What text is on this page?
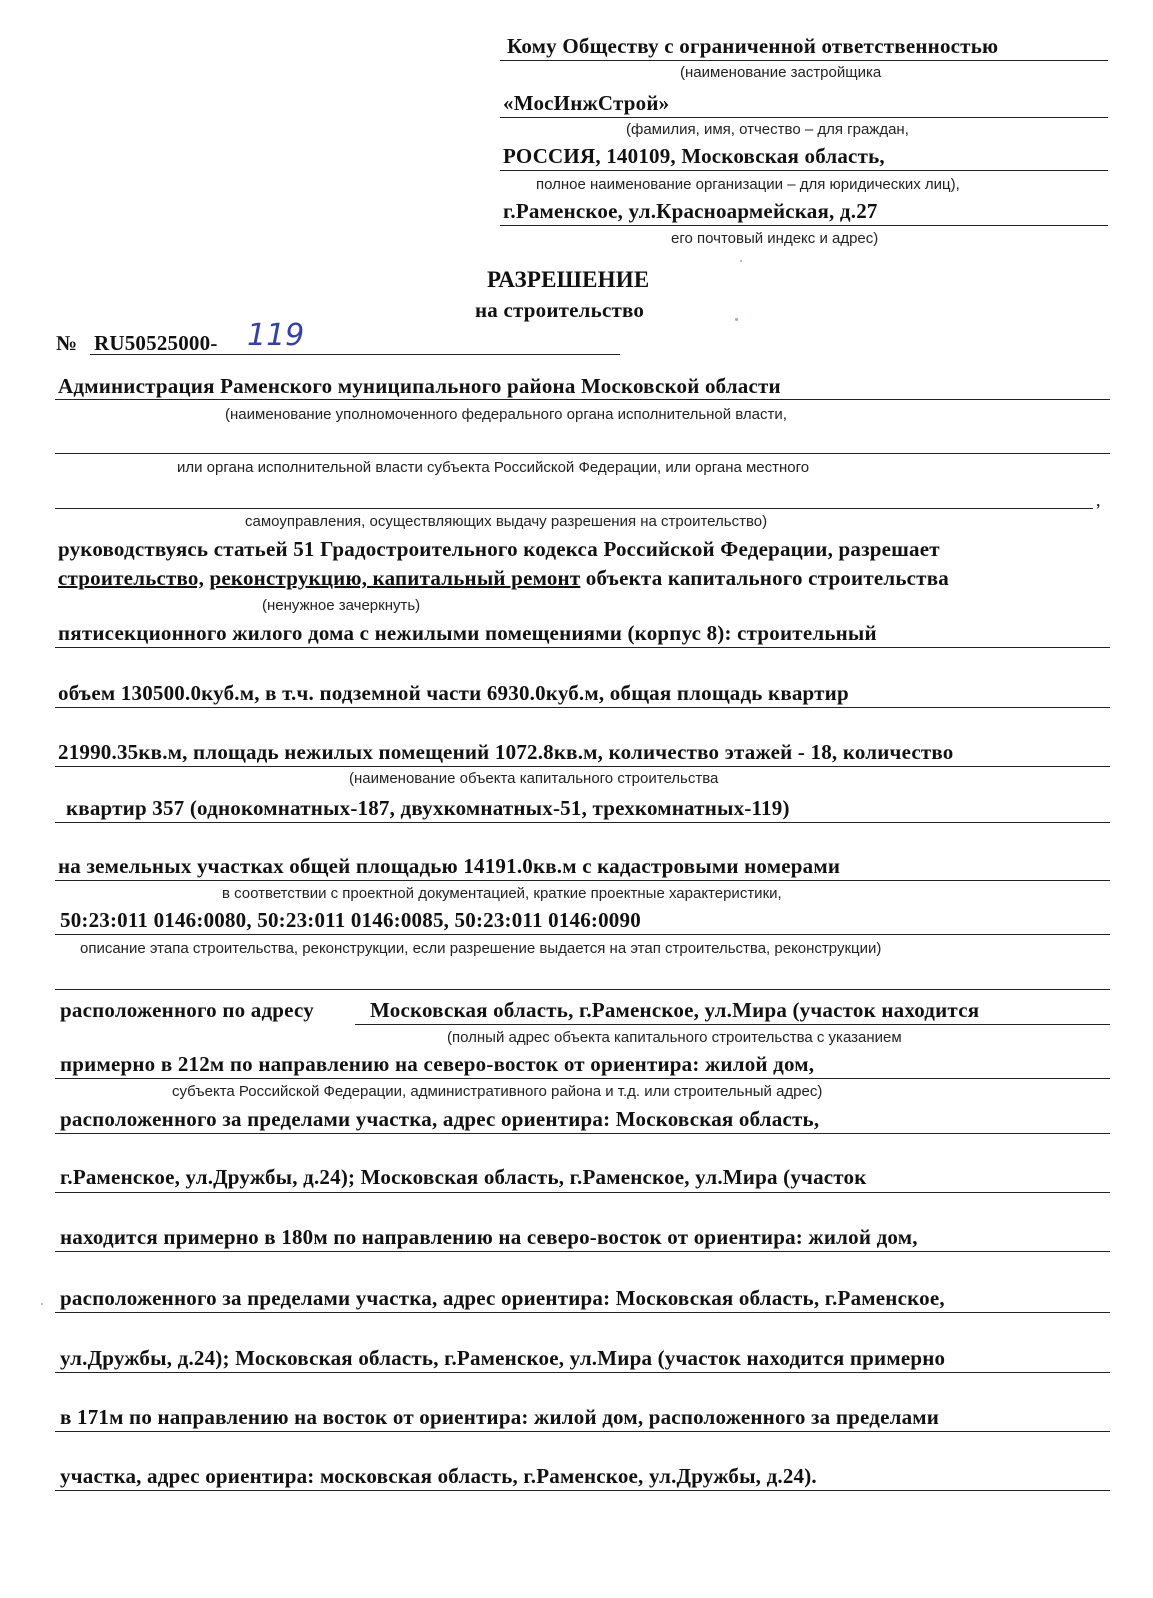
Кому Обществу с ограниченной ответственностью
(наименование застройщика
«МосИнжСтрой»
(фамилия, имя, отчество – для граждан,
РОССИЯ, 140109, Московская область,
полное наименование организации – для юридических лиц),
г.Раменское, ул.Красноармейская, д.27
его почтовый индекс и адрес)
РАЗРЕШЕНИЕ
на строительство
№ RU50525000- 119
Администрация Раменского муниципального района Московской области
(наименование уполномоченного федерального органа исполнительной власти,
или органа исполнительной власти субъекта Российской Федерации, или органа местного
,
самоуправления, осуществляющих выдачу разрешения на строительство)
руководствуясь статьей 51 Градостроительного кодекса Российской Федерации, разрешает
строительство, реконструкцию, капитальный ремонт объекта капитального строительства
(ненужное зачеркнуть)
пятисекционного жилого дома с нежилыми помещениями (корпус 8): строительный
объем 130500.0куб.м, в т.ч. подземной части 6930.0куб.м, общая площадь квартир
21990.35кв.м, площадь нежилых помещений 1072.8кв.м, количество этажей - 18, количество
(наименование объекта капитального строительства
квартир 357 (однокомнатных-187, двухкомнатных-51, трехкомнатных-119)
на земельных участках общей площадью 14191.0кв.м с кадастровыми номерами
в соответствии с проектной документацией, краткие проектные характеристики,
50:23:011 0146:0080, 50:23:011 0146:0085, 50:23:011 0146:0090
описание этапа строительства, реконструкции, если разрешение выдается на этап строительства, реконструкции)
расположенного по адресу	Московская область, г.Раменское, ул.Мира (участок находится
(полный адрес объекта капитального строительства с указанием
примерно в 212м по направлению на северо-восток от ориентира: жилой дом,
субъекта Российской Федерации, административного района и т.д. или строительный адрес)
расположенного за пределами участка, адрес ориентира: Московская область,
г.Раменское, ул.Дружбы, д.24); Московская область, г.Раменское, ул.Мира (участок
находится примерно в 180м по направлению на северо-восток от ориентира: жилой дом,
расположенного за пределами участка, адрес ориентира: Московская область, г.Раменское,
ул.Дружбы, д.24); Московская область, г.Раменское, ул.Мира (участок находится примерно
в 171м по направлению на восток от ориентира: жилой дом, расположенного за пределами
участка, адрес ориентира: московская область, г.Раменское, ул.Дружбы, д.24).
